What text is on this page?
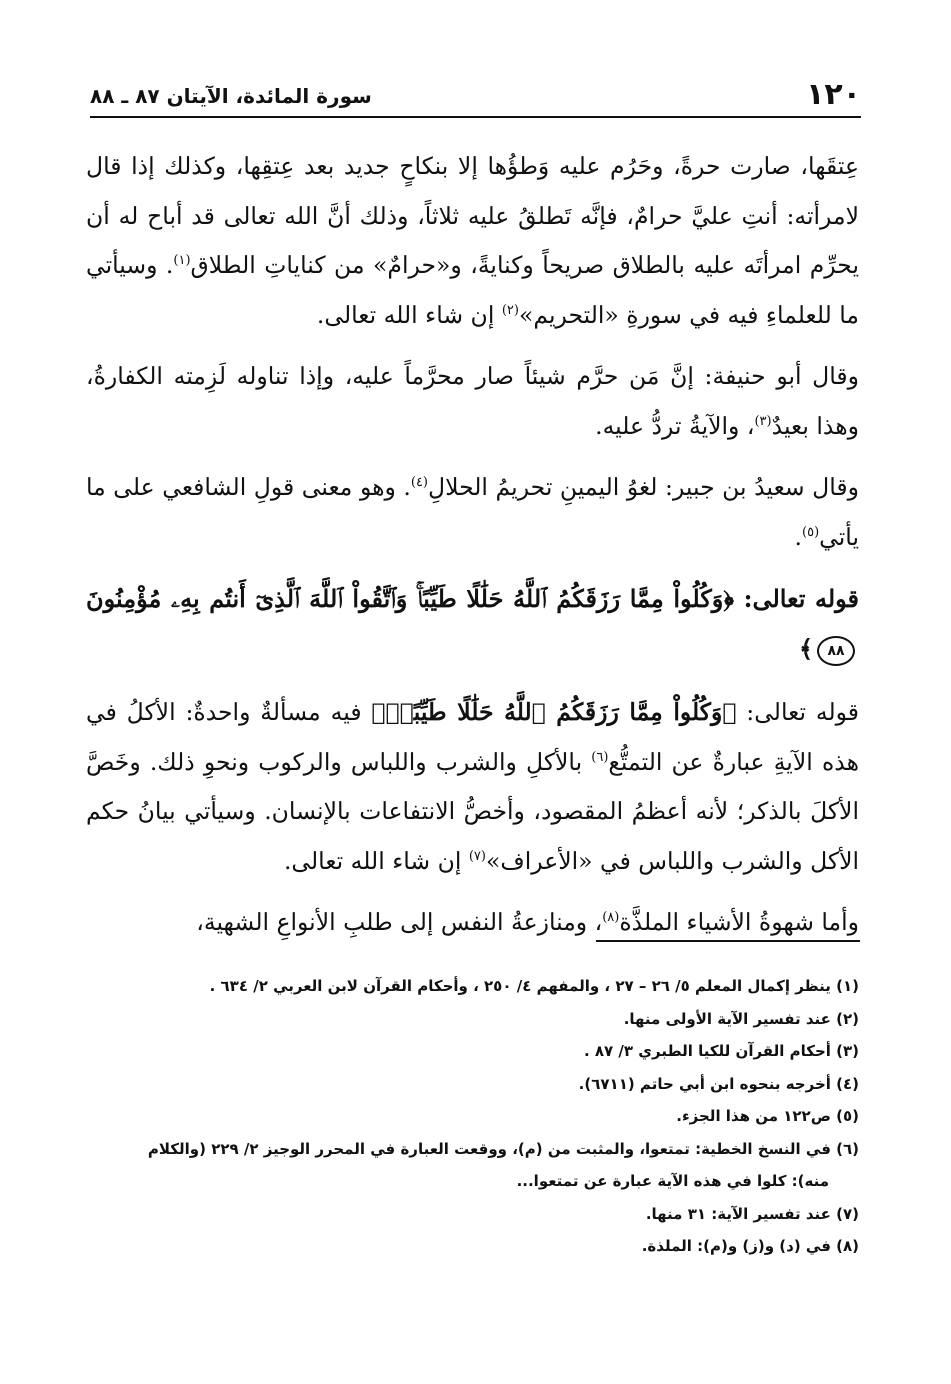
١٢٠
سورة المائدة، الآيتان ٨٧ ـ ٨٨

عِتقَها، صارت حرةً، وحَرُم عليه وَطؤُها إلا بنكاحٍ جديد بعد عِتقِها، وكذلك إذا قال لامرأته: أنتِ عليَّ حرامٌ، فإنَّه تَطلقُ عليه ثلاثاً، وذلك أنَّ الله تعالى قد أباح له أن يحرِّم امرأتَه عليه بالطلاق صريحاً وكنايةً، و«حرامٌ» من كناياتِ الطلاق$^{(١)}$. وسيأتي ما للعلماءِ فيه في سورةِ «التحريم»$^{(٢)}$ إن شاء الله تعالى.

وقال أبو حنيفة: إنَّ مَن حرَّم شيئاً صار محرَّماً عليه، وإذا تناوله لَزِمته الكفارةُ، وهذا بعيدٌ$^{(٣)}$، والآيةُ تردُّ عليه.

وقال سعيدُ بن جبير: لغوُ اليمينِ تحريمُ الحلالِ$^{(٤)}$. وهو معنى قولِ الشافعي على ما يأتي$^{(٥)}$.

قوله تعالى: ﴿وَكُلُواْ مِمَّا رَزَقَكُمُ ٱللَّهُ حَلَٰلًا طَيِّبًاۚ وَٱتَّقُواْ ٱللَّهَ ٱلَّذِىٓ أَنتُم بِهِۦ مُؤْمِنُونَ ٨٨﴾

قوله تعالى: ﴿وَكُلُواْ مِمَّا رَزَقَكُمُ ٱللَّهُ حَلَٰلًا طَيِّبًاۚ﴾ فيه مسألةٌ واحدةٌ: الأكلُ في هذه الآيةِ عبارةٌ عن التمتُّع$^{(٦)}$ بالأكلِ والشرب واللباس والركوب ونحوِ ذلك. وخَصَّ الأكلَ بالذكر؛ لأنه أعظمُ المقصود، وأخصُّ الانتفاعات بالإنسان. وسيأتي بيانُ حكم الأكل والشرب واللباس في «الأعراف»$^{(٧)}$ إن شاء الله تعالى.

وأما شهوةُ الأشياء الملذَّة$^{(٨)}$، ومنازعةُ النفس إلى طلبِ الأنواعِ الشهية،

(١) ينظر إكمال المعلم ٥/ ٢٦ – ٢٧ ، والمفهم ٤/ ٢٥٠ ، وأحكام القرآن لابن العربي ٢/ ٦٣٤ .

(٢) عند تفسير الآية الأولى منها.

(٣) أحكام القرآن للكيا الطبري ٣/ ٨٧ .

(٤) أخرجه بنحوه ابن أبي حاتم (٦٧١١).

(٥) ص١٢٢ من هذا الجزء.

(٦) في النسخ الخطية: تمتعوا، والمثبت من (م)، ووقعت العبارة في المحرر الوجيز ٢/ ٢٢٩ (والكلام

منه): كلوا في هذه الآية عبارة عن تمتعوا...

(٧) عند تفسير الآية: ٣١ منها.

(٨) في (د) و(ز) و(م): الملذة.
